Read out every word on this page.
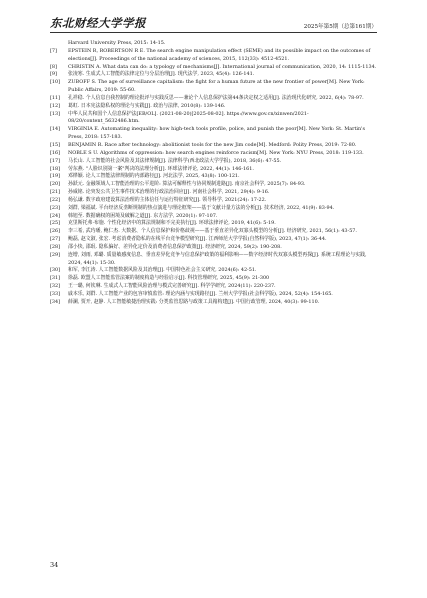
东北财经大学学报	2025年第5期（总第161期）
Harvard University Press, 2015: 14-15.
[7]	EPSTEIN R, ROBERTSON R E. The search engine manipulation effect (SEME) and its possible impact on the outcomes of elections[J]. Proceedings of the national academy of sciences, 2015, 112(33): 4512-4521.
[8]	CHRISTIN A. What data can do: a typology of mechanisms[J]. International journal of communication, 2020, 14: 1115-1134.
[9]	张凌寒. 生成式人工智能的法律定位与分层治理[J]. 现代法学, 2023, 45(4): 126-141.
[10]	ZUBOFF S. The age of surveillance capitalism: the fight for a human future at the new frontier of power[M]. New York: Public Affairs, 2019: 55-60.
[11]	孔祥稳. 个人信息自我控制的理论批评与实践反思——兼论个人信息保护法第44条决定权之适用[J]. 法治现代化研究, 2022, 6(4): 78-97.
[12]	葛虹. 日本宪法隐私权的理论与实践[J]. 政治与法律, 2010(8): 139-146.
[13]	中华人民共和国个人信息保护法[EB/OL]. (2021-08-20)[2025-08-02]. https://www.gov.cn/xinwen/2021-08/20/content_5632486.htm.
[14]	VIRGINIA E. Automating inequality: how high-tech tools profile, police, and punish the poor[M]. New York: St. Martin's Press, 2018: 157-183.
[15]	BENJAMIN R. Race after technology: abolitionist tools for the new Jim code[M]. Medford: Polity Press, 2019: 72-80.
[16]	NOBLE S U. Algorithms of oppression: how search engines reinforce racism[M]. New York: NYU Press, 2018: 119-133.
[17]	马长山. 人工智能的社会风险及其法律规制[J]. 法律科学(西北政法大学学报), 2018, 36(6): 47-55.
[18]	劳东燕. "人脸识别第一案"判决的法理分析[J]. 环球法律评论, 2022, 44(1): 146-161.
[19]	邓桦颖. 论人工智能法律规制的内部路径[J]. 河北法学, 2025, 43(8): 100-121.
[20]	孙跃元. 金融领域人工智能治理的公平进阶: 算法可解释性与协同规制进路[J]. 南京社会科学, 2025(7): 84-93.
[21]	孙威铭. 论突发公共卫生事件技术治理的行政法治回应[J]. 河南社会科学, 2021, 29(4): 9-16.
[22]	杨弘谦. 数字政府建设算法治理的主体信任与运行特征研究[J]. 领导科学, 2021(24): 17-22.
[23]	刘群, 梁福斌. 平台经济反垄断规制的热点演进与理论框架——基于文献计量方法的分析[J]. 技术经济, 2022, 41(9): 83-94.
[24]	韩旭至. 数据确权的困境及破解之道[J]. 东方法学, 2020(1): 97-107.
[25]	克里斯托弗·布施. 个性化经济中的算法规制和不完美执行[J]. 环球法律评论, 2019, 41(6): 5-19.
[26]	李三希, 武玙璠, 鲍仁杰. 大数据、个人信息保护和价格歧视——基于垂直差异化双寡头模型的分析[J]. 经济研究, 2021, 56(1): 43-57.
[27]	鲍磊, 赵文淑, 张宏. 考虑消费者隐私的在线平台竞争模型研究[J]. 江西师范大学学报(自然科学版), 2023, 47(1): 36-44.
[28]	邵小快, 邵珉. 隐私偏好、差异化定价及消费者信息保护政策[J]. 经济研究, 2024, 59(2): 190-208.
[29]	连增, 刘雨, 邓璐. 质量敏感度信息、垂直差异化竞争与信息保护政策的福利影响——数字经济时代双寡头模型再探[J]. 系统工程理论与实践, 2024, 44(1): 15-30.
[30]	和军, 李江涛. 人工智能数据风险及其治理[J]. 中国特色社会主义研究, 2024(6): 42-51.
[31]	徐磊. 欧盟人工智能监管法案的制度构造与经验启示[J]. 科技管理研究, 2025, 45(9): 21-300
[32]	王一璐, 何钦琳. 生成式人工智能风险治理与模式完善研究[J]. 科学学研究, 2024(11): 220-237.
[33]	戚本乐, 刘群. 人工智能产业的包容审慎监管: 理论内涵与实现路径[J]. 兰州大学学报(社会科学版), 2024, 52(4): 154-165.
[34]	薛澜, 贾开, 赵静. 人工智能敏捷治理实践: 分类监管思路与政策工具箱构建[J]. 中国行政管理, 2024, 40(3): 99-110.
34
